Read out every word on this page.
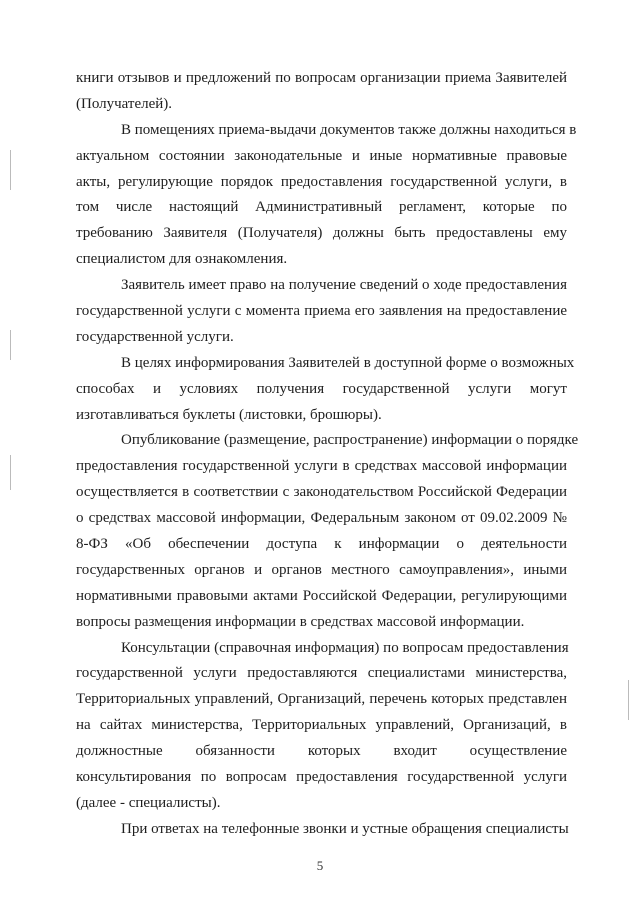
книги отзывов и предложений по вопросам организации приема Заявителей
(Получателей).
В помещениях приема-выдачи документов также должны находиться в
актуальном состоянии законодательные и иные нормативные правовые
акты, регулирующие порядок предоставления государственной услуги, в
том числе настоящий Административный регламент, которые по
требованию Заявителя (Получателя) должны быть предоставлены ему
специалистом для ознакомления.
Заявитель имеет право на получение сведений о ходе предоставления
государственной услуги с момента приема его заявления на предоставление
государственной услуги.
В целях информирования Заявителей в доступной форме о возможных
способах и условиях получения государственной услуги могут
изготавливаться буклеты (листовки, брошюры).
Опубликование (размещение, распространение) информации о порядке
предоставления государственной услуги в средствах массовой информации
осуществляется в соответствии с законодательством Российской Федерации
о средствах массовой информации, Федеральным законом от 09.02.2009 №
8-ФЗ «Об обеспечении доступа к информации о деятельности
государственных органов и органов местного самоуправления», иными
нормативными правовыми актами Российской Федерации, регулирующими
вопросы размещения информации в средствах массовой информации.
Консультации (справочная информация) по вопросам предоставления
государственной услуги предоставляются специалистами министерства,
Территориальных управлений, Организаций, перечень которых представлен
на сайтах министерства, Территориальных управлений, Организаций, в
должностные обязанности которых входит осуществление
консультирования по вопросам предоставления государственной услуги
(далее - специалисты).
При ответах на телефонные звонки и устные обращения специалисты
5
